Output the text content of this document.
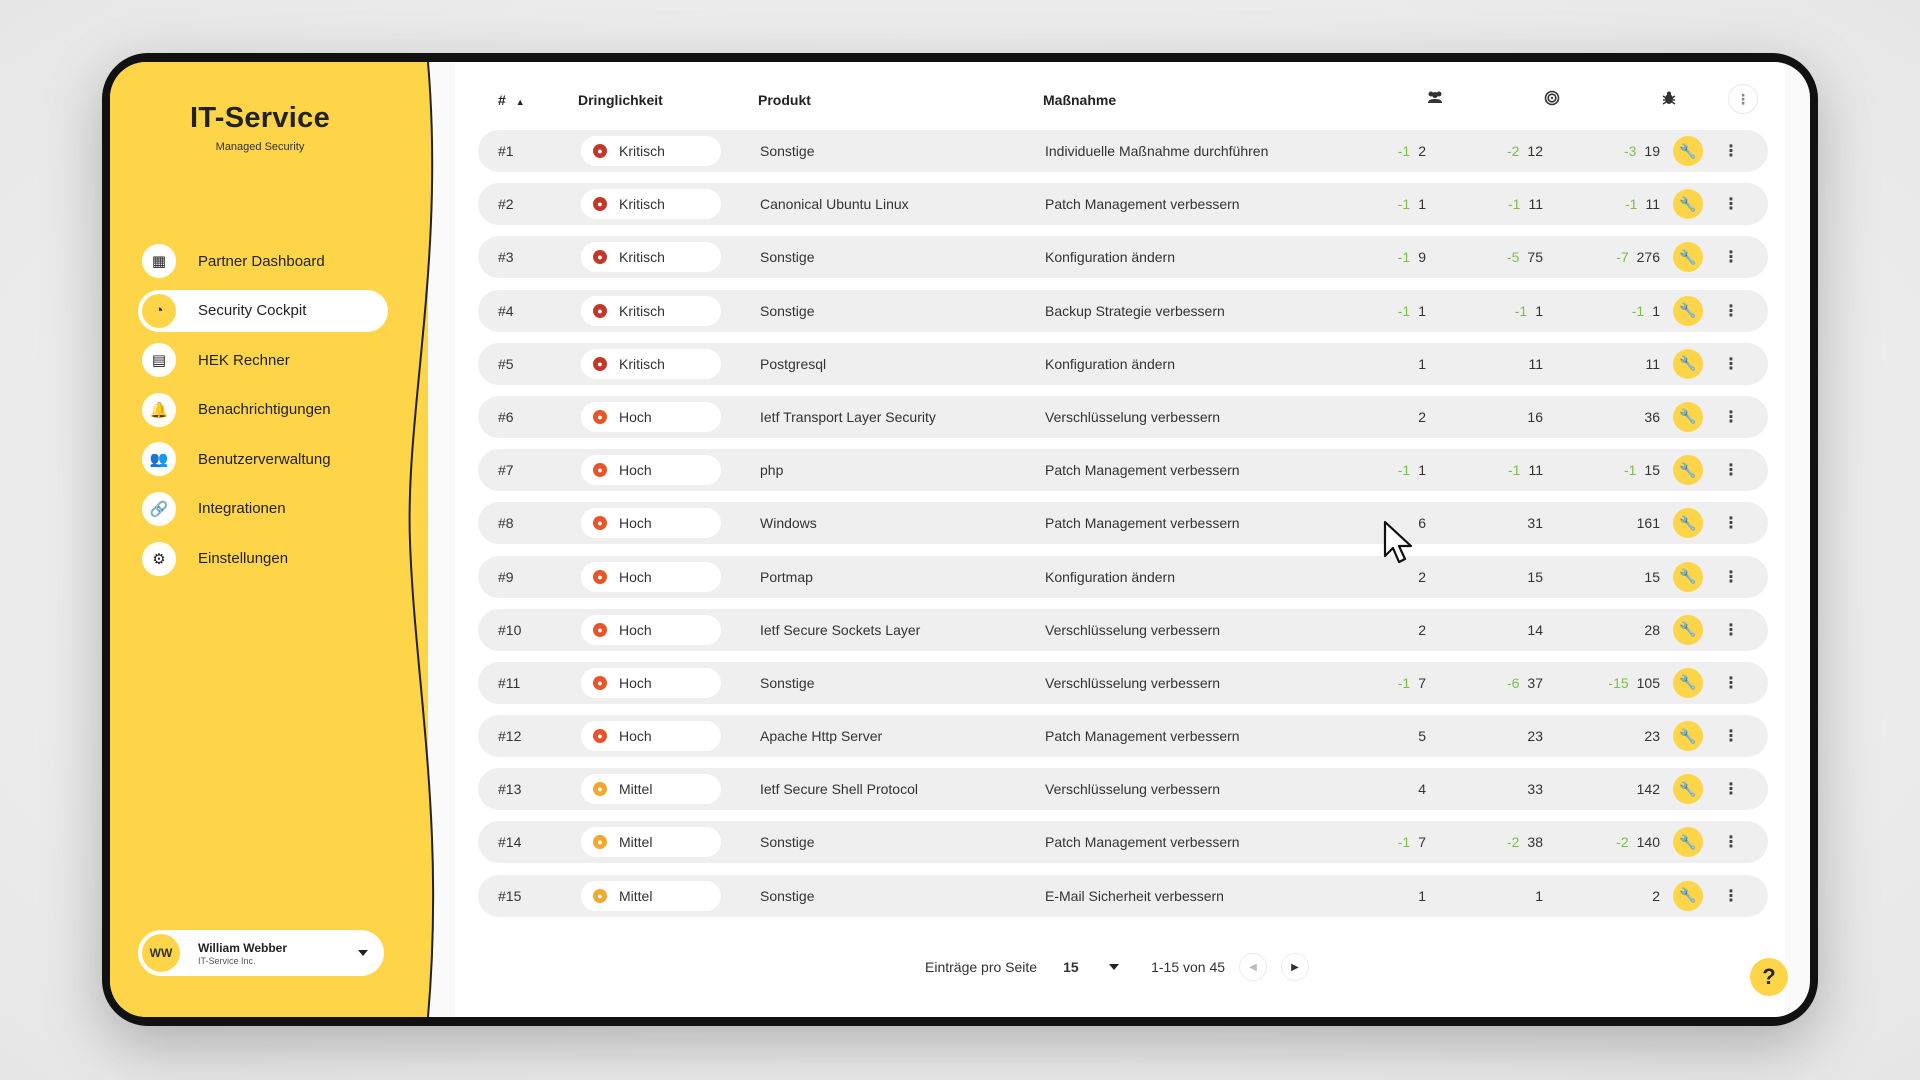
IT-Service
Managed Security
▦	Partner Dashboard
◔	Security Cockpit
▤	HEK Rechner
🔔	Benachrichtigungen
👥	Benutzerverwaltung
🔗	Integrationen
⚙	Einstellungen
WW	William Webber
IT-Service Inc.
# ▲	Dringlichkeit	Produkt	Maßnahme	⋮
#1	●	Kritisch	Sonstige	Individuelle Maßnahme durchführen	-1 2	-2 12	-3 19 🔧 ⋮
#2	●	Kritisch	Canonical Ubuntu Linux	Patch Management verbessern	-1 1	-1 11	-1 11 🔧 ⋮
#3	●	Kritisch	Sonstige	Konfiguration ändern	-1 9	-5 75	-7 276 🔧 ⋮
#4	●	Kritisch	Sonstige	Backup Strategie verbessern	-1 1	-1 1	-1 1 🔧 ⋮
#5	●	Kritisch	Postgresql	Konfiguration ändern	1	11	11 🔧 ⋮
#6	●	Hoch	Ietf Transport Layer Security	Verschlüsselung verbessern	2	16	36 🔧 ⋮
#7	●	Hoch	php	Patch Management verbessern	-1 1	-1 11	-1 15 🔧 ⋮
#8	●	Hoch	Windows	Patch Management verbessern	6	31	161 🔧 ⋮
#9	●	Hoch	Portmap	Konfiguration ändern	2	15	15 🔧 ⋮
#10	●	Hoch	Ietf Secure Sockets Layer	Verschlüsselung verbessern	2	14	28 🔧 ⋮
#11	●	Hoch	Sonstige	Verschlüsselung verbessern	-1 7	-6 37	-15 105 🔧 ⋮
#12	●	Hoch	Apache Http Server	Patch Management verbessern	5	23	23 🔧 ⋮
#13	●	Mittel	Ietf Secure Shell Protocol	Verschlüsselung verbessern	4	33	142 🔧 ⋮
#14	●	Mittel	Sonstige	Patch Management verbessern	-1 7	-2 38	-2 140 🔧 ⋮
#15	●	Mittel	Sonstige	E-Mail Sicherheit verbessern	1	1	2 🔧 ⋮
Einträge pro Seite 15	1-15 von 45 ◀	▶	?
